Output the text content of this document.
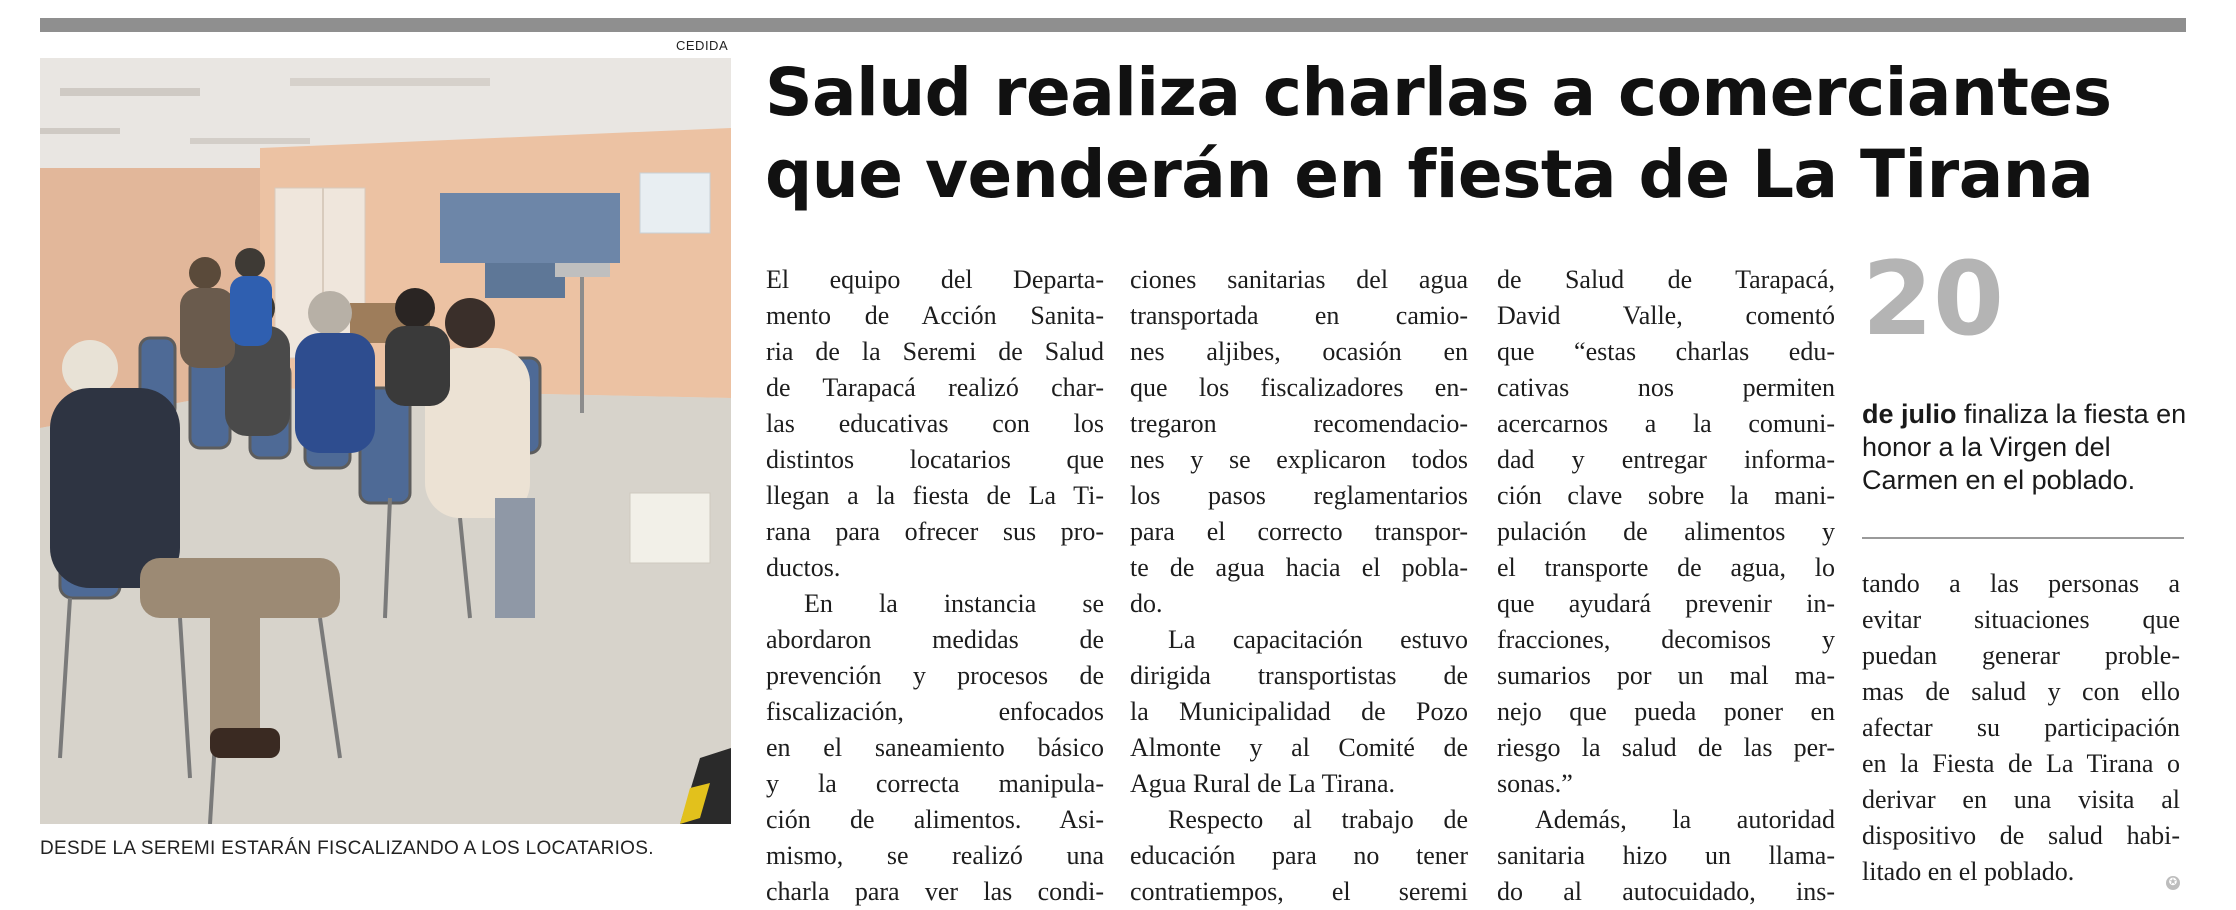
CEDIDA
DESDE LA SEREMI ESTARÁN FISCALIZANDO A LOS LOCATARIOS.
Salud realiza charlas a comerciantes
que venderán en fiesta de La Tirana
El equipo del Departa-
mento de Acción Sanita-
ria de la Seremi de Salud
de Tarapacá realizó char-
las educativas con los
distintos locatarios que
llegan a la fiesta de La Ti-
rana para ofrecer sus pro-
ductos.
En la instancia se
abordaron medidas de
prevención y procesos de
fiscalización, enfocados
en el saneamiento básico
y la correcta manipula-
ción de alimentos. Asi-
mismo, se realizó una
charla para ver las condi-
ciones sanitarias del agua
transportada en camio-
nes aljibes, ocasión en
que los fiscalizadores en-
tregaron recomendacio-
nes y se explicaron todos
los pasos reglamentarios
para el correcto transpor-
te de agua hacia el pobla-
do.
La capacitación estuvo
dirigida transportistas de
la Municipalidad de Pozo
Almonte y al Comité de
Agua Rural de La Tirana.
Respecto al trabajo de
educación para no tener
contratiempos, el seremi
de Salud de Tarapacá,
David Valle, comentó
que “estas charlas edu-
cativas nos permiten
acercarnos a la comuni-
dad y entregar informa-
ción clave sobre la mani-
pulación de alimentos y
el transporte de agua, lo
que ayudará prevenir in-
fracciones, decomisos y
sumarios por un mal ma-
nejo que pueda poner en
riesgo la salud de las per-
sonas.”
Además, la autoridad
sanitaria hizo un llama-
do al autocuidado, ins-
20
de julio finaliza la fiesta en honor a la Virgen del Carmen en el poblado.
tando a las personas a
evitar situaciones que
puedan generar proble-
mas de salud y con ello
afectar su participación
en la Fiesta de La Tirana o
derivar en una visita al
dispositivo de salud habi-
litado en el poblado.	✪
